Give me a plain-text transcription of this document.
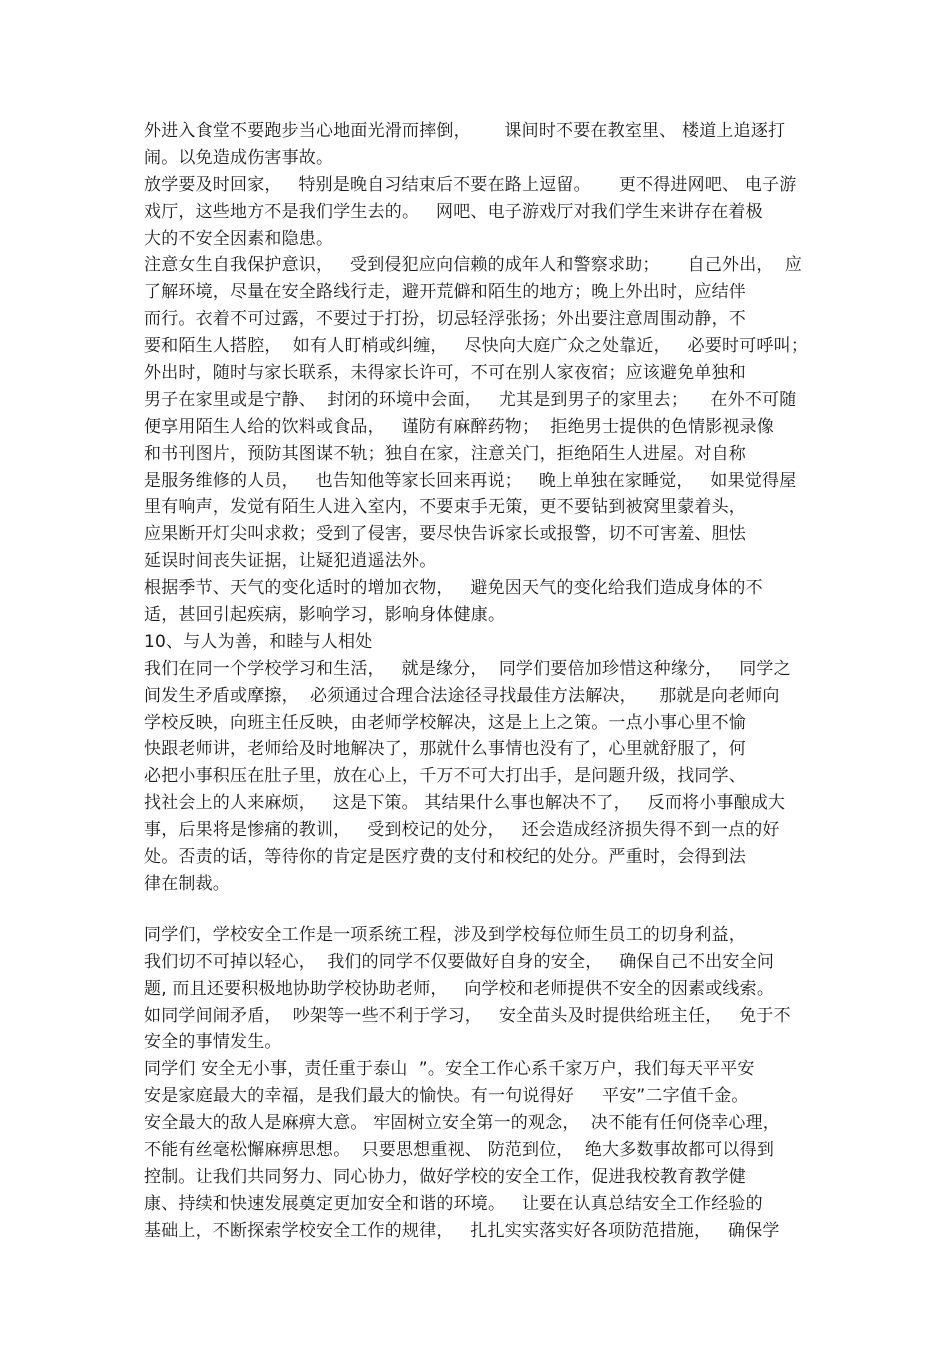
外进入食堂不要跑步当心地面光滑而摔倒，      课间时不要在教室里、 楼道上追逐打
闹。以免造成伤害事故。
放学要及时回家，   特别是晚自习结束后不要在路上逗留。     更不得进网吧、 电子游
戏厅，这些地方不是我们学生去的。   网吧、电子游戏厅对我们学生来讲存在着极
大的不安全因素和隐患。
注意女生自我保护意识，   受到侵犯应向信赖的成年人和警察求助；     自己外出，  应
了解环境，尽量在安全路线行走，避开荒僻和陌生的地方；晚上外出时，应结伴
而行。衣着不可过露，不要过于打扮，切忌轻浮张扬；外出要注意周围动静，不
要和陌生人搭腔，  如有人盯梢或纠缠，   尽快向大庭广众之处靠近，   必要时可呼叫；
外出时，随时与家长联系，未得家长许可，不可在别人家夜宿；应该避免单独和
男子在家里或是宁静、  封闭的环境中会面，   尤其是到男子的家里去；    在外不可随
便享用陌生人给的饮料或食品，   谨防有麻醉药物；  拒绝男士提供的色情影视录像
和书刊图片，预防其图谋不轨；独自在家，注意关门，拒绝陌生人进屋。对自称
是服务维修的人员，   也告知他等家长回来再说；   晚上单独在家睡觉，   如果觉得屋
里有响声，发觉有陌生人进入室内，不要束手无策，更不要钻到被窝里蒙着头，
应果断开灯尖叫求救；受到了侵害，要尽快告诉家长或报警，切不可害羞、胆怯
延误时间丧失证据，让疑犯逍遥法外。
根据季节、天气的变化适时的增加衣物，   避免因天气的变化给我们造成身体的不
适，甚回引起疾病，影响学习，影响身体健康。
10、与人为善，和睦与人相处
我们在同一个学校学习和生活，   就是缘分，  同学们要倍加珍惜这种缘分，   同学之
间发生矛盾或摩擦，  必须通过合理合法途径寻找最佳方法解决，    那就是向老师向
学校反映，向班主任反映，由老师学校解决，这是上上之策。一点小事心里不愉
快跟老师讲，老师给及时地解决了，那就什么事情也没有了，心里就舒服了，何
必把小事积压在肚子里，放在心上，千万不可大打出手，是问题升级，找同学、
找社会上的人来麻烦，   这是下策。 其结果什么事也解决不了，   反而将小事酿成大
事，后果将是惨痛的教训，   受到校记的处分，   还会造成经济损失得不到一点的好
处。否责的话，等待你的肯定是医疗费的支付和校纪的处分。严重时，会得到法
律在制裁。
同学们，学校安全工作是一项系统工程，涉及到学校每位师生员工的切身利益，
我们切不可掉以轻心，  我们的同学不仅要做好自身的安全，   确保自己不出安全问
题, 而且还要积极地协助学校协助老师，   向学校和老师提供不安全的因素或线索。
如同学间闹矛盾，  吵架等一些不利于学习，   安全苗头及时提供给班主任，   免于不
安全的事情发生。
同学们 安全无小事，责任重于泰山  ”。安全工作心系千家万户，我们每天平平安
安是家庭最大的幸福，是我们最大的愉快。有一句说得好     平安”二字值千金。
安全最大的敌人是麻痹大意。 牢固树立安全第一的观念，  决不能有任何侥幸心理，
不能有丝毫松懈麻痹思想。  只要思想重视、 防范到位，  绝大多数事故都可以得到
控制。让我们共同努力、同心协力，做好学校的安全工作，促进我校教育教学健
康、持续和快速发展奠定更加安全和谐的环境。   让要在认真总结安全工作经验的
基础上，不断探索学校安全工作的规律，   扎扎实实落实好各项防范措施，   确保学
